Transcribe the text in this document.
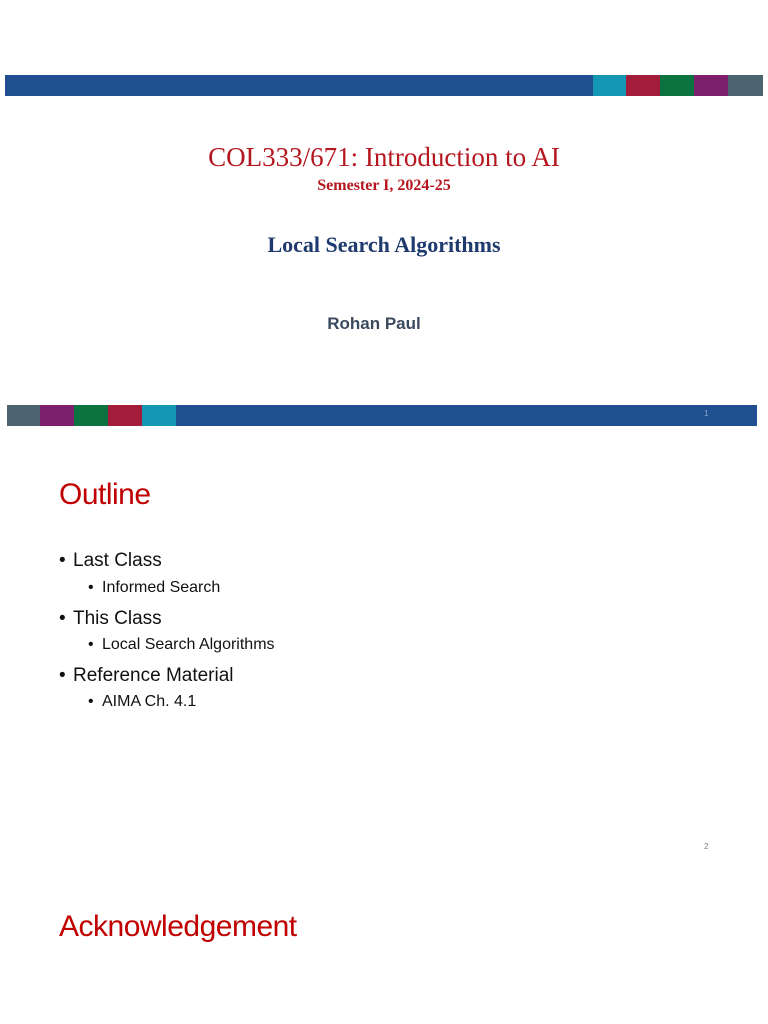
COL333/671: Introduction to AI
Semester I, 2024-25
Local Search Algorithms
Rohan Paul
1
Outline
• Last Class
• Informed Search
• This Class
• Local Search Algorithms
• Reference Material
• AIMA Ch. 4.1
2
Acknowledgement
